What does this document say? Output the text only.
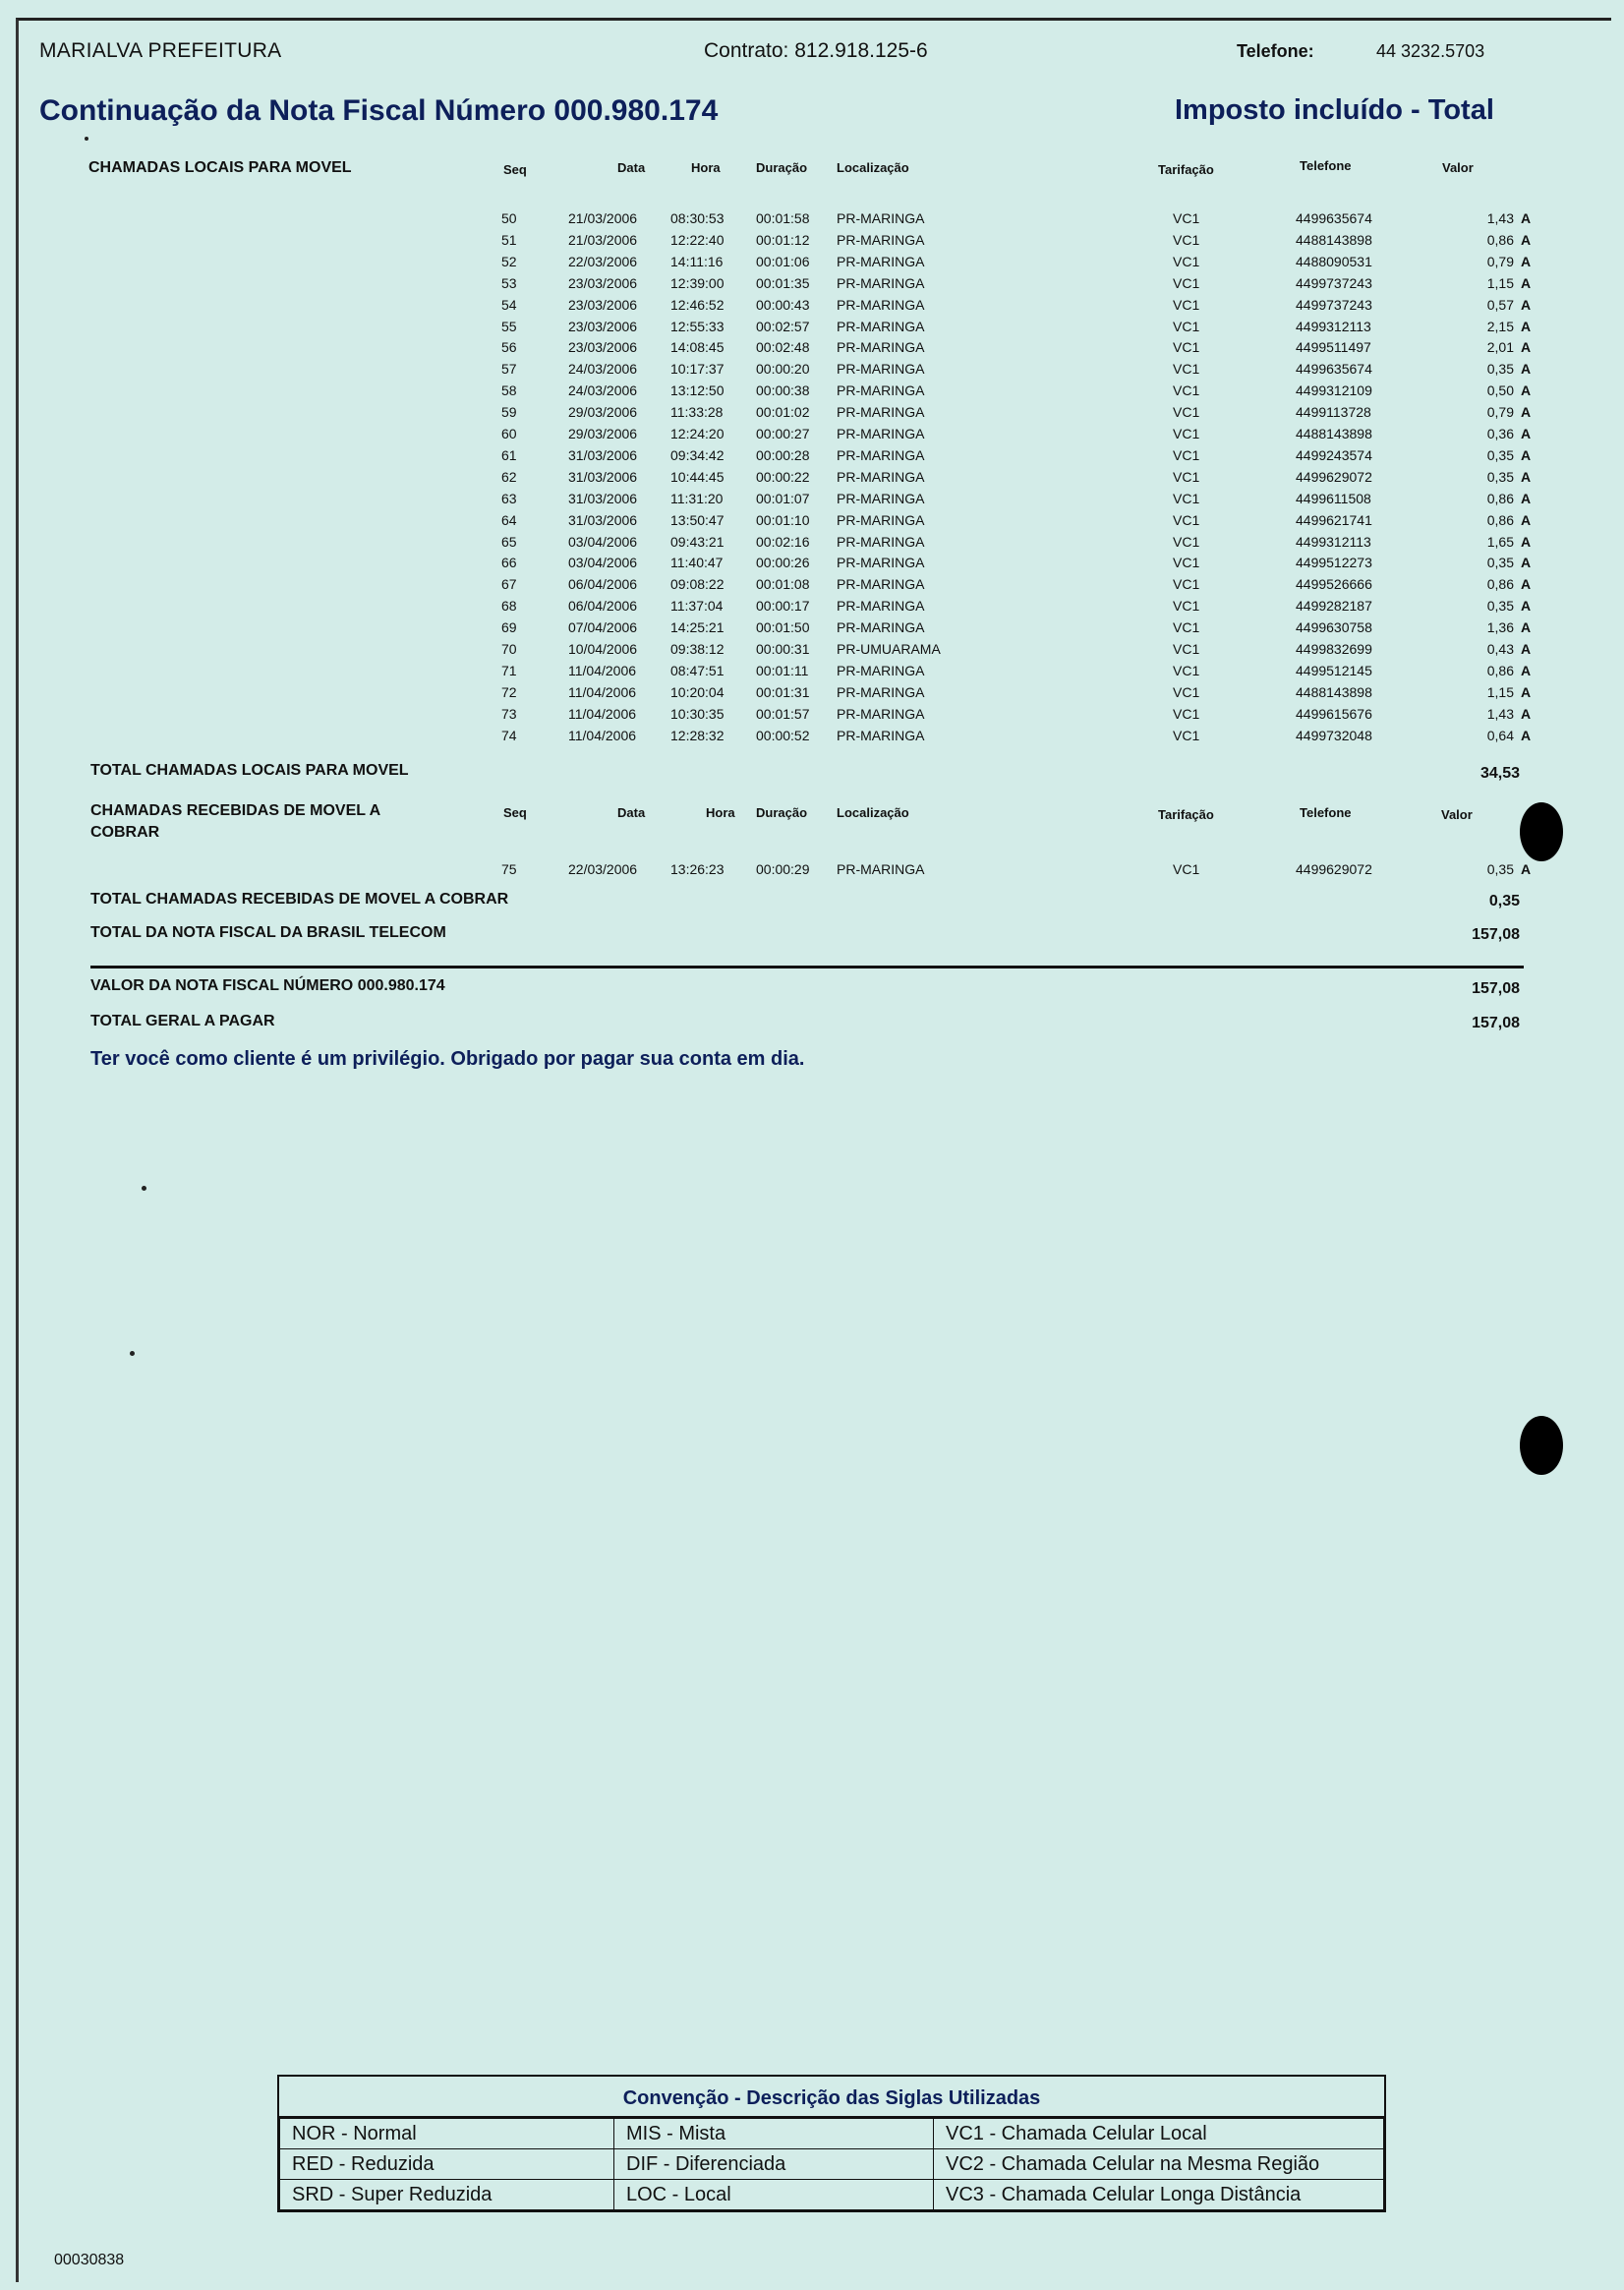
MARIALVA PREFEITURA	Contrato: 812.918.125-6	Telefone:	44 3232.5703
Continuação da Nota Fiscal Número 000.980.174	Imposto incluído - Total
CHAMADAS LOCAIS PARA MOVEL	Seq	Data	Hora	Duração Localização	Tarifação	Telefone	Valor
50	21/03/2006 08:30:53 00:01:58 PR-MARINGA	VC1	4499635674	1,43 A
51	21/03/2006 12:22:40 00:01:12 PR-MARINGA	VC1	4488143898	0,86 A
52	22/03/2006 14:11:16 00:01:06 PR-MARINGA	VC1	4488090531	0,79 A
53	23/03/2006 12:39:00 00:01:35 PR-MARINGA	VC1	4499737243	1,15 A
54	23/03/2006 12:46:52 00:00:43 PR-MARINGA	VC1	4499737243	0,57 A
55	23/03/2006 12:55:33 00:02:57 PR-MARINGA	VC1	4499312113	2,15 A
56	23/03/2006 14:08:45 00:02:48 PR-MARINGA	VC1	4499511497	2,01 A
57	24/03/2006 10:17:37 00:00:20 PR-MARINGA	VC1	4499635674	0,35 A
58	24/03/2006 13:12:50 00:00:38 PR-MARINGA	VC1	4499312109	0,50 A
59	29/03/2006 11:33:28 00:01:02 PR-MARINGA	VC1	4499113728	0,79 A
60	29/03/2006 12:24:20 00:00:27 PR-MARINGA	VC1	4488143898	0,36 A
61	31/03/2006 09:34:42 00:00:28 PR-MARINGA	VC1	4499243574	0,35 A
62	31/03/2006 10:44:45 00:00:22 PR-MARINGA	VC1	4499629072	0,35 A
63	31/03/2006 11:31:20 00:01:07 PR-MARINGA	VC1	4499611508	0,86 A
64	31/03/2006 13:50:47 00:01:10 PR-MARINGA	VC1	4499621741	0,86 A
65	03/04/2006 09:43:21 00:02:16 PR-MARINGA	VC1	4499312113	1,65 A
66	03/04/2006 11:40:47 00:00:26 PR-MARINGA	VC1	4499512273	0,35 A
67	06/04/2006 09:08:22 00:01:08 PR-MARINGA	VC1	4499526666	0,86 A
68	06/04/2006 11:37:04 00:00:17 PR-MARINGA	VC1	4499282187	0,35 A
69	07/04/2006 14:25:21 00:01:50 PR-MARINGA	VC1	4499630758	1,36 A
70	10/04/2006 09:38:12 00:00:31 PR-UMUARAMA	VC1	4499832699	0,43 A
71	11/04/2006 08:47:51 00:01:11 PR-MARINGA	VC1	4499512145	0,86 A
72	11/04/2006 10:20:04 00:01:31 PR-MARINGA	VC1	4488143898	1,15 A
73	11/04/2006 10:30:35 00:01:57 PR-MARINGA	VC1	4499615676	1,43 A
74	11/04/2006 12:28:32 00:00:52 PR-MARINGA	VC1	4499732048	0,64 A
TOTAL CHAMADAS LOCAIS PARA MOVEL	34,53
CHAMADAS RECEBIDAS DE MOVEL A
COBRAR
Seq	Data	Hora Duração Localização	Tarifação	Telefone	Valor
75	22/03/2006 13:26:23 00:00:29 PR-MARINGA	VC1	4499629072	0,35 A
TOTAL CHAMADAS RECEBIDAS DE MOVEL A COBRAR	0,35
TOTAL DA NOTA FISCAL DA BRASIL TELECOM	157,08
VALOR DA NOTA FISCAL NÚMERO 000.980.174	157,08
TOTAL GERAL A PAGAR	157,08
Ter você como cliente é um privilégio. Obrigado por pagar sua conta em dia.
Convenção - Descrição das Siglas Utilizadas
NOR - Normal	MIS - Mista	VC1 - Chamada Celular Local
RED - Reduzida	DIF - Diferenciada	VC2 - Chamada Celular na Mesma Região
SRD - Super Reduzida	LOC - Local	VC3 - Chamada Celular Longa Distância
00030838
